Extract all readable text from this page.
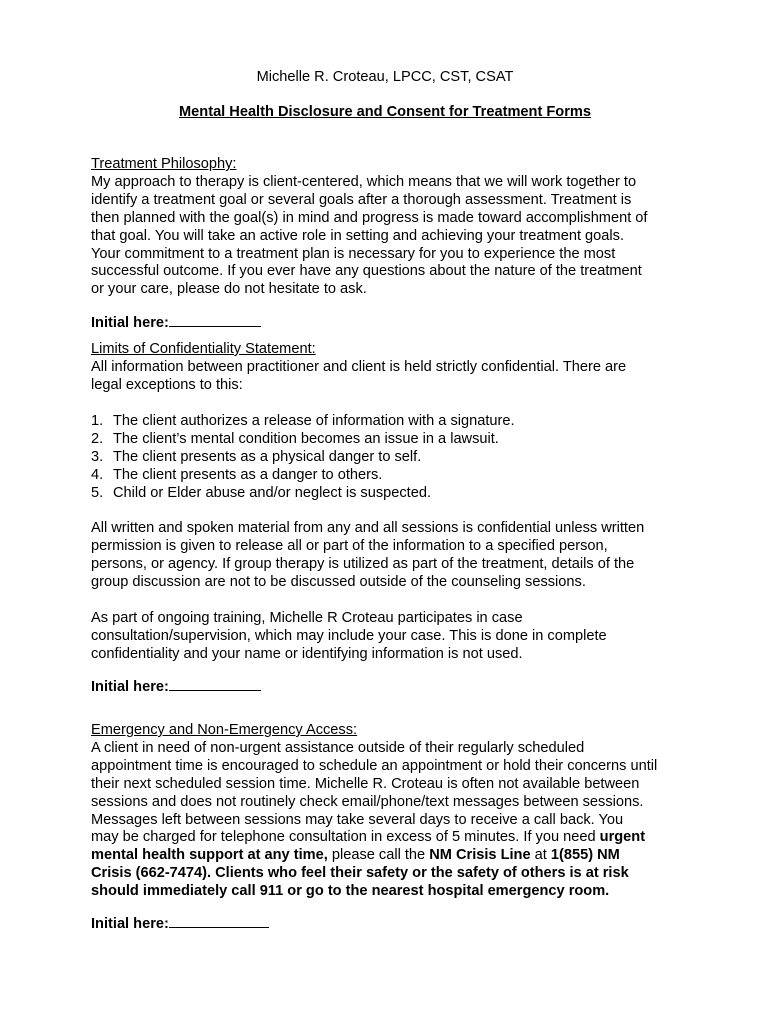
Michelle R. Croteau, LPCC, CST, CSAT
Mental Health Disclosure and Consent for Treatment Forms

Treatment Philosophy:

My approach to therapy is client-centered, which means that we will work together to

identify a treatment goal or several goals after a thorough assessment. Treatment is

then planned with the goal(s) in mind and progress is made toward accomplishment of

that goal. You will take an active role in setting and achieving your treatment goals.

Your commitment to a treatment plan is necessary for you to experience the most

successful outcome. If you ever have any questions about the nature of the treatment

or your care, please do not hesitate to ask.

Initial here:

Limits of Confidentiality Statement:

All information between practitioner and client is held strictly confidential. There are

legal exceptions to this:

1. The client authorizes a release of information with a signature.
2. The client’s mental condition becomes an issue in a lawsuit.
3. The client presents as a physical danger to self.
4. The client presents as a danger to others.
5. Child or Elder abuse and/or neglect is suspected.

All written and spoken material from any and all sessions is confidential unless written

permission is given to release all or part of the information to a specified person,

persons, or agency. If group therapy is utilized as part of the treatment, details of the

group discussion are not to be discussed outside of the counseling sessions.

As part of ongoing training, Michelle R Croteau participates in case

consultation/supervision, which may include your case. This is done in complete

confidentiality and your name or identifying information is not used.

Initial here:

Emergency and Non-Emergency Access:

A client in need of non-urgent assistance outside of their regularly scheduled

appointment time is encouraged to schedule an appointment or hold their concerns until

their next scheduled session time. Michelle R. Croteau is often not available between

sessions and does not routinely check email/phone/text messages between sessions.

Messages left between sessions may take several days to receive a call back. You

may be charged for telephone consultation in excess of 5 minutes. If you need urgent

mental health support at any time, please call the NM Crisis Line at 1(855) NM

Crisis (662-7474). Clients who feel their safety or the safety of others is at risk

should immediately call 911 or go to the nearest hospital emergency room.

Initial here:
